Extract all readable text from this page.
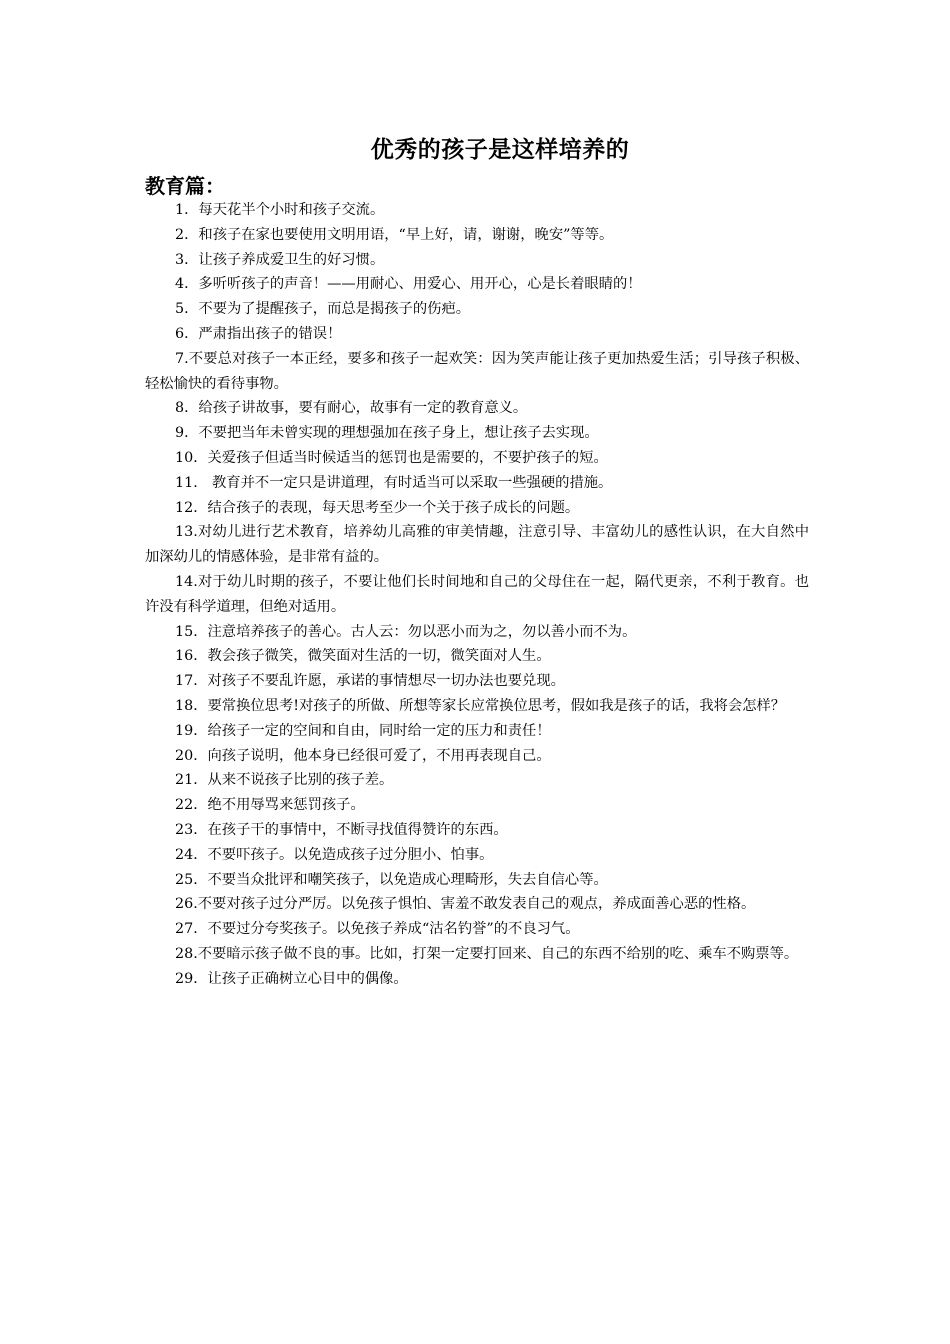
优秀的孩子是这样培养的
教育篇：
1．每天花半个小时和孩子交流。
2．和孩子在家也要使用文明用语，“早上好，请，谢谢，晚安”等等。
3．让孩子养成爱卫生的好习惯。
4．多听听孩子的声音！——用耐心、用爱心、用开心，心是长着眼睛的！
5．不要为了提醒孩子，而总是揭孩子的伤疤。
6．严肃指出孩子的错误！
7.不要总对孩子一本正经，要多和孩子一起欢笑：因为笑声能让孩子更加热爱生活；引导孩子积极、轻松愉快的看待事物。
8．给孩子讲故事，要有耐心，故事有一定的教育意义。
9．不要把当年未曾实现的理想强加在孩子身上，想让孩子去实现。
10．关爱孩子但适当时候适当的惩罚也是需要的，不要护孩子的短。
11． 教育并不一定只是讲道理，有时适当可以采取一些强硬的措施。
12．结合孩子的表现，每天思考至少一个关于孩子成长的问题。
13.对幼儿进行艺术教育，培养幼儿高雅的审美情趣，注意引导、丰富幼儿的感性认识，在大自然中加深幼儿的情感体验，是非常有益的。
14.对于幼儿时期的孩子，不要让他们长时间地和自己的父母住在一起，隔代更亲，不利于教育。也许没有科学道理，但绝对适用。
15．注意培养孩子的善心。古人云：勿以恶小而为之，勿以善小而不为。
16．教会孩子微笑，微笑面对生活的一切，微笑面对人生。
17．对孩子不要乱许愿，承诺的事情想尽一切办法也要兑现。
18．要常换位思考!对孩子的所做、所想等家长应常换位思考，假如我是孩子的话，我将会怎样？
19．给孩子一定的空间和自由，同时给一定的压力和责任！
20．向孩子说明，他本身已经很可爱了，不用再表现自己。
21．从来不说孩子比别的孩子差。
22．绝不用辱骂来惩罚孩子。
23．在孩子干的事情中，不断寻找值得赞许的东西。
24．不要吓孩子。以免造成孩子过分胆小、怕事。
25．不要当众批评和嘲笑孩子，以免造成心理畸形，失去自信心等。
26.不要对孩子过分严厉。以免孩子惧怕、害羞不敢发表自己的观点，养成面善心恶的性格。
27．不要过分夸奖孩子。以免孩子养成“沽名钓誉”的不良习气。
28.不要暗示孩子做不良的事。比如，打架一定要打回来、自己的东西不给别的吃、乘车不购票等。
29．让孩子正确树立心目中的偶像。
